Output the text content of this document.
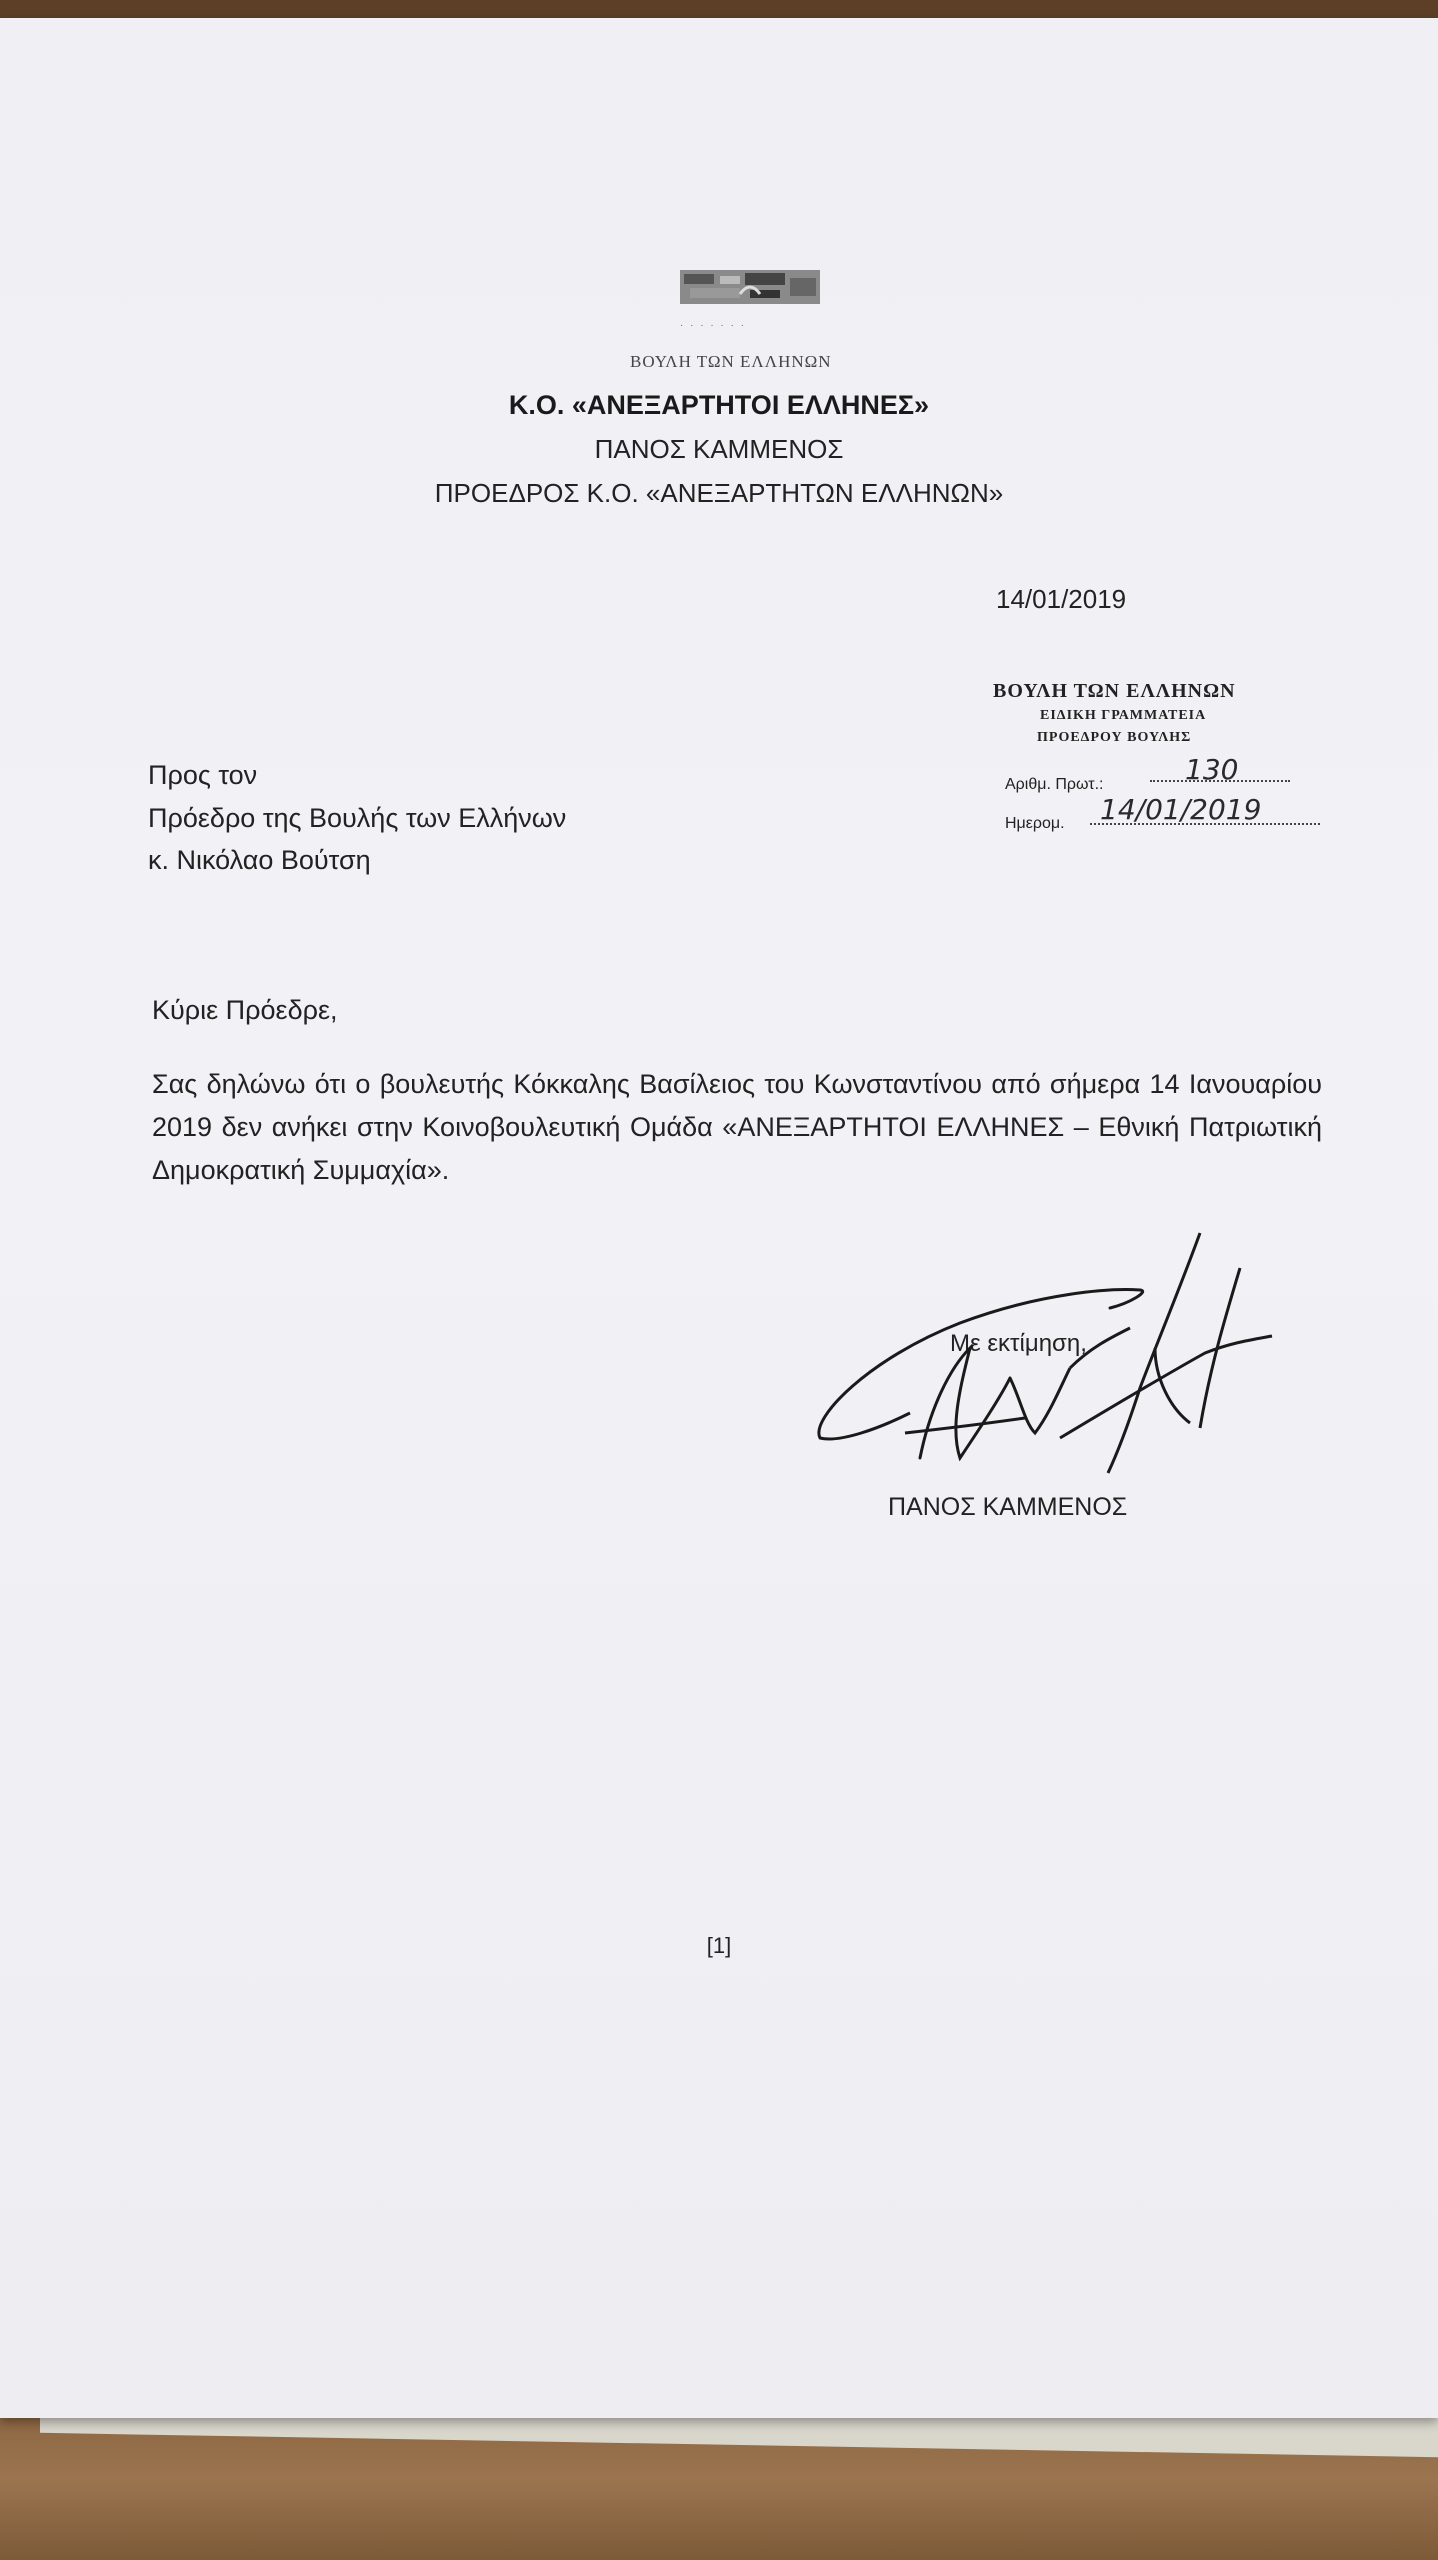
· · · · · · ·
ΒΟΥΛΗ ΤΩΝ ΕΛΛΗΝΩΝ
Κ.Ο. «ΑΝΕΞΑΡΤΗΤΟΙ ΕΛΛΗΝΕΣ»
ΠΑΝΟΣ ΚΑΜΜΕΝΟΣ
ΠΡΟΕΔΡΟΣ Κ.Ο. «ΑΝΕΞΑΡΤΗΤΩΝ ΕΛΛΗΝΩΝ»
14/01/2019
ΒΟΥΛΗ ΤΩΝ ΕΛΛΗΝΩΝ
ΕΙΔΙΚΗ ΓΡΑΜΜΑΤΕΙΑ
ΠΡΟΕΔΡΟΥ ΒΟΥΛΗΣ
Αριθμ. Πρωτ.:	130
Ημερομ. 14/01/2019
Προς τον
Πρόεδρο της Βουλής των Ελλήνων
κ. Νικόλαο Βούτση
Κύριε Πρόεδρε,
Σας δηλώνω ότι ο βουλευτής Κόκκαλης Βασίλειος του Κωνσταντίνου από σήμερα 14 Ιανουαρίου 2019 δεν ανήκει στην Κοινοβουλευτική Ομάδα «ΑΝΕΞΑΡΤΗΤΟΙ ΕΛΛΗΝΕΣ – Εθνική Πατριωτική Δημοκρατική Συμμαχία».
Με εκτίμηση,
ΠΑΝΟΣ ΚΑΜΜΕΝΟΣ
[1]
